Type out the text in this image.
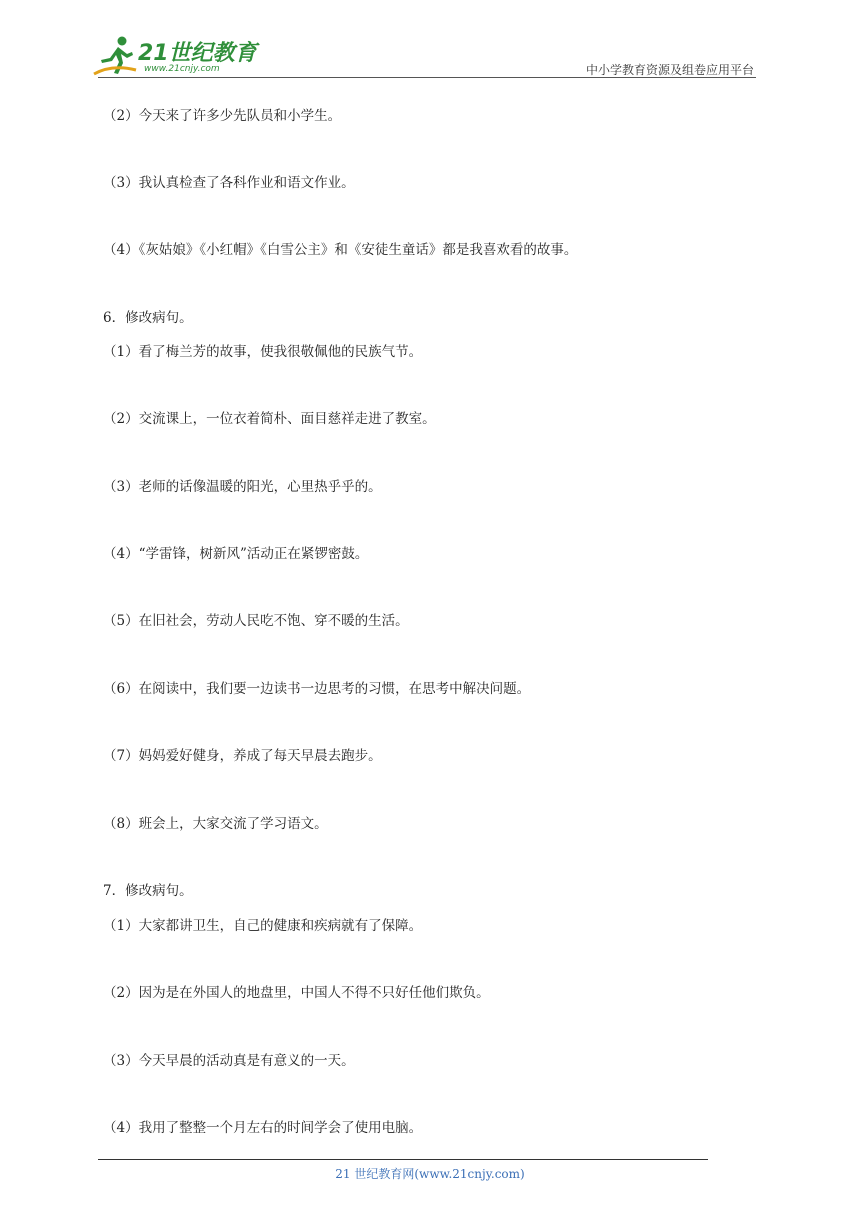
21世纪教育
www.21cnjy.com	中小学教育资源及组卷应用平台
（2）今天来了许多少先队员和小学生。
（3）我认真检查了各科作业和语文作业。
（4）《灰姑娘》《小红帽》《白雪公主》和《安徒生童话》都是我喜欢看的故事。
6．修改病句。
（1）看了梅兰芳的故事，使我很敬佩他的民族气节。
（2）交流课上，一位衣着简朴、面目慈祥走进了教室。
（3）老师的话像温暖的阳光，心里热乎乎的。
（4）“学雷锋，树新风”活动正在紧锣密鼓。
（5）在旧社会，劳动人民吃不饱、穿不暖的生活。
（6）在阅读中，我们要一边读书一边思考的习惯，在思考中解决问题。
（7）妈妈爱好健身，养成了每天早晨去跑步。
（8）班会上，大家交流了学习语文。
7．修改病句。
（1）大家都讲卫生，自己的健康和疾病就有了保障。
（2）因为是在外国人的地盘里，中国人不得不只好任他们欺负。
（3）今天早晨的活动真是有意义的一天。
（4）我用了整整一个月左右的时间学会了使用电脑。
21 世纪教育网(www.21cnjy.com)
